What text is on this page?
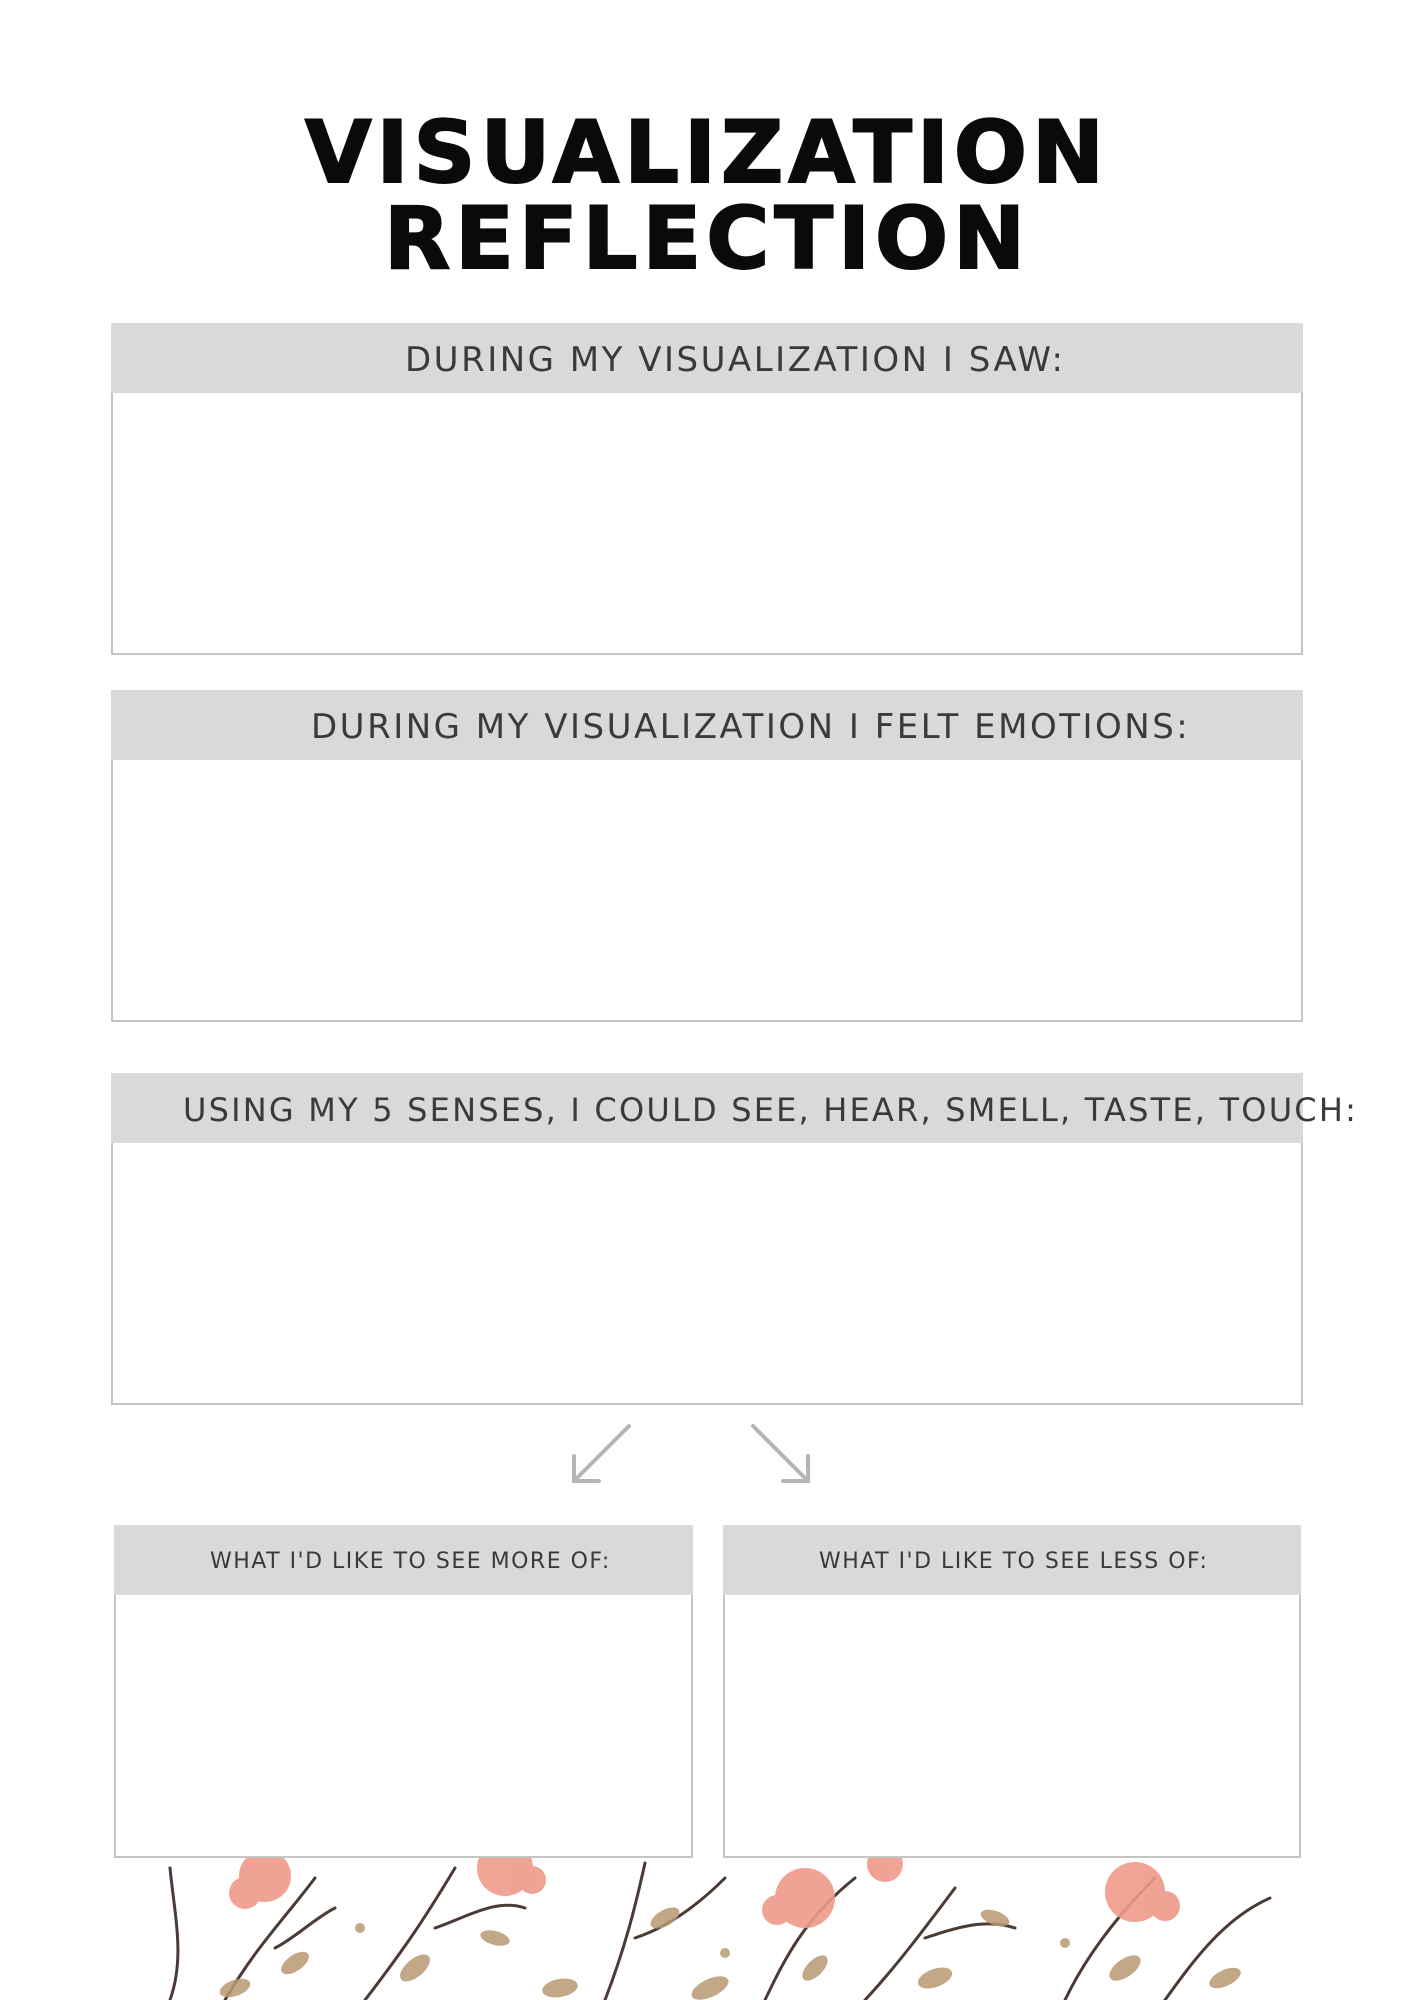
VISUALIZATION REFLECTION
DURING MY VISUALIZATION I SAW:
DURING MY VISUALIZATION I FELT EMOTIONS:
USING MY 5 SENSES, I COULD SEE, HEAR, SMELL, TASTE, TOUCH:
WHAT I'D LIKE TO SEE MORE OF:	WHAT I'D LIKE TO SEE LESS OF:
